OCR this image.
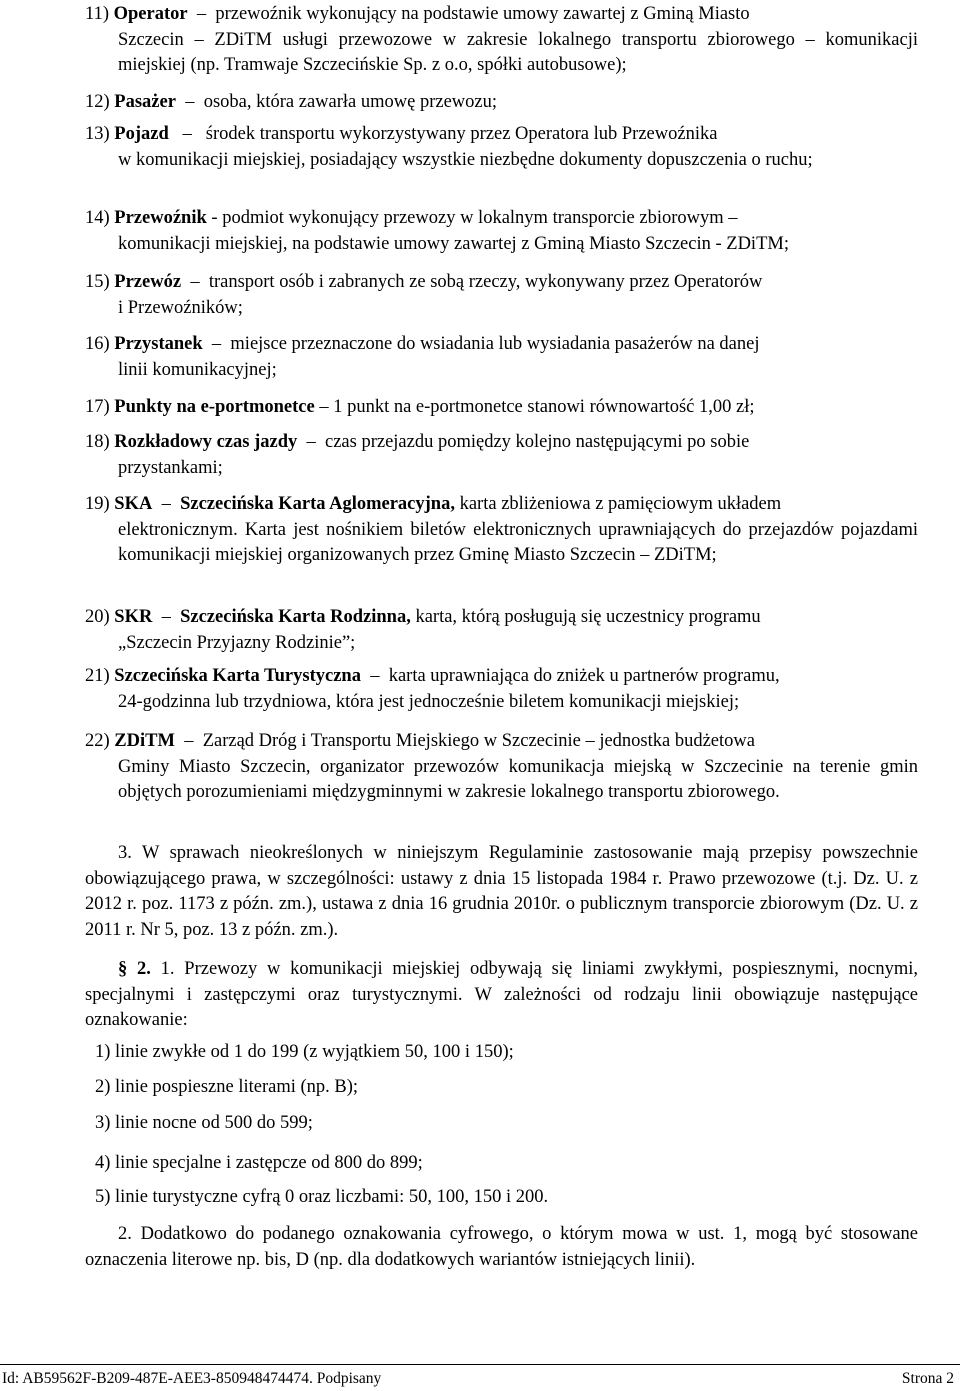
11) Operator – przewoźnik wykonujący na podstawie umowy zawartej z Gminą Miasto
Szczecin – ZDiTM usługi przewozowe w zakresie lokalnego transportu zbiorowego – komunikacji miejskiej (np. Tramwaje Szczecińskie Sp. z o.o, spółki autobusowe);

12) Pasażer – osoba, która zawarła umowę przewozu;

13) Pojazd – środek transportu wykorzystywany przez Operatora lub Przewoźnika
w komunikacji miejskiej, posiadający wszystkie niezbędne dokumenty dopuszczenia o ruchu;

14) Przewoźnik - podmiot wykonujący przewozy w lokalnym transporcie zbiorowym –
komunikacji miejskiej, na podstawie umowy zawartej z Gminą Miasto Szczecin - ZDiTM;

15) Przewóz – transport osób i zabranych ze sobą rzeczy, wykonywany przez Operatorów
i Przewoźników;

16) Przystanek – miejsce przeznaczone do wsiadania lub wysiadania pasażerów na danej
linii komunikacyjnej;

17) Punkty na e-portmonetce – 1 punkt na e-portmonetce stanowi równowartość 1,00 zł;

18) Rozkładowy czas jazdy – czas przejazdu pomiędzy kolejno następującymi po sobie
przystankami;

19) SKA – Szczecińska Karta Aglomeracyjna, karta zbliżeniowa z pamięciowym układem
elektronicznym. Karta jest nośnikiem biletów elektronicznych uprawniających do przejazdów pojazdami komunikacji miejskiej organizowanych przez Gminę Miasto Szczecin – ZDiTM;

20) SKR – Szczecińska Karta Rodzinna, karta, którą posługują się uczestnicy programu
„Szczecin Przyjazny Rodzinie”;

21) Szczecińska Karta Turystyczna – karta uprawniająca do zniżek u partnerów programu,
24-godzinna lub trzydniowa, która jest jednocześnie biletem komunikacji miejskiej;

22) ZDiTM – Zarząd Dróg i Transportu Miejskiego w Szczecinie – jednostka budżetowa
Gminy Miasto Szczecin, organizator przewozów komunikacja miejską w Szczecinie na terenie gmin objętych porozumieniami międzygminnymi w zakresie lokalnego transportu zbiorowego.

3. W sprawach nieokreślonych w niniejszym Regulaminie zastosowanie mają przepisy powszechnie obowiązującego prawa, w szczególności: ustawy z dnia 15 listopada 1984 r. Prawo przewozowe (t.j. Dz. U. z 2012 r. poz. 1173 z późn. zm.), ustawa z dnia 16 grudnia 2010r. o publicznym transporcie zbiorowym (Dz. U. z 2011 r. Nr 5, poz. 13 z późn. zm.).

§ 2. 1. Przewozy w komunikacji miejskiej odbywają się liniami zwykłymi, pospiesznymi, nocnymi, specjalnymi i zastępczymi oraz turystycznymi. W zależności od rodzaju linii obowiązuje następujące oznakowanie:

1) linie zwykłe od 1 do 199 (z wyjątkiem 50, 100 i 150);

2) linie pospieszne literami (np. B);

3) linie nocne od 500 do 599;

4) linie specjalne i zastępcze od 800 do 899;

5) linie turystyczne cyfrą 0 oraz liczbami: 50, 100, 150 i 200.

2. Dodatkowo do podanego oznakowania cyfrowego, o którym mowa w ust. 1, mogą być stosowane oznaczenia literowe np. bis, D (np. dla dodatkowych wariantów istniejących linii).

Id: AB59562F-B209-487E-AEE3-850948474474. Podpisany	Strona 2
